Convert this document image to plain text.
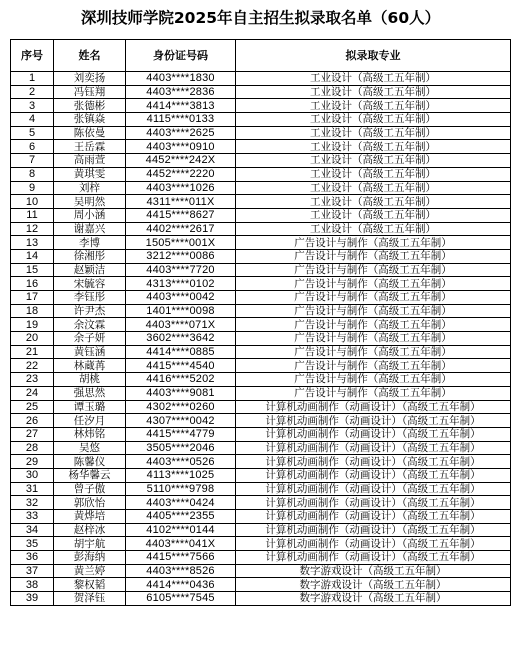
深圳技师学院2025年自主招生拟录取名单（60人）
序号	姓名	身份证号码	拟录取专业
1	刘奕扬	4403****1830	工业设计（高级工五年制）
2	冯钰翔	4403****2836	工业设计（高级工五年制）
3	张德彬	4414****3813	工业设计（高级工五年制）
4	张镇焱	4115****0133	工业设计（高级工五年制）
5	陈依曼	4403****2625	工业设计（高级工五年制）
6	王岳霖	4403****0910	工业设计（高级工五年制）
7	高雨萱	4452****242X	工业设计（高级工五年制）
8	黄琪雯	4452****2220	工业设计（高级工五年制）
9	刘梓	4403****1026	工业设计（高级工五年制）
10	吴明然	4311****011X	工业设计（高级工五年制）
11	周小涵	4415****8627	工业设计（高级工五年制）
12	谢嘉兴	4402****2617	工业设计（高级工五年制）
13	李博	1505****001X	广告设计与制作（高级工五年制）
14	徐湘彤	3212****0086	广告设计与制作（高级工五年制）
15	赵颖洁	4403****7720	广告设计与制作（高级工五年制）
16	宋毓容	4313****0102	广告设计与制作（高级工五年制）
17	李钰彤	4403****0042	广告设计与制作（高级工五年制）
18	许尹杰	1401****0098	广告设计与制作（高级工五年制）
19	余汶霖	4403****071X	广告设计与制作（高级工五年制）
20	余子妍	3602****3642	广告设计与制作（高级工五年制）
21	黄钰涵	4414****0885	广告设计与制作（高级工五年制）
22	林蔵苒	4415****4540	广告设计与制作（高级工五年制）
23	胡桃	4416****5202	广告设计与制作（高级工五年制）
24	强思然	4403****9081	广告设计与制作（高级工五年制）
25	谭玉璐	4302****0260	计算机动画制作（动画设计）（高级工五年制）
26	任汐月	4307****0042	计算机动画制作（动画设计）（高级工五年制）
27	林炜铭	4415****4779	计算机动画制作（动画设计）（高级工五年制）
28	吴悠	3505****2046	计算机动画制作（动画设计）（高级工五年制）
29	陈馨仪	4403****0526	计算机动画制作（动画设计）（高级工五年制）
30	杨华馨云	4113****1025	计算机动画制作（动画设计）（高级工五年制）
31	曾子傲	5110****9798	计算机动画制作（动画设计）（高级工五年制）
32	郭欣怡	4403****0424	计算机动画制作（动画设计）（高级工五年制）
33	黄烨培	4405****2355	计算机动画制作（动画设计）（高级工五年制）
34	赵梓冰	4102****0144	计算机动画制作（动画设计）（高级工五年制）
35	胡宇航	4403****041X	计算机动画制作（动画设计）（高级工五年制）
36	彭海纳	4415****7566	计算机动画制作（动画设计）（高级工五年制）
37	黄兰婷	4403****8526	数字游戏设计（高级工五年制）
38	黎权韬	4414****0436	数字游戏设计（高级工五年制）
39	贺泽钰	6105****7545	数字游戏设计（高级工五年制）
